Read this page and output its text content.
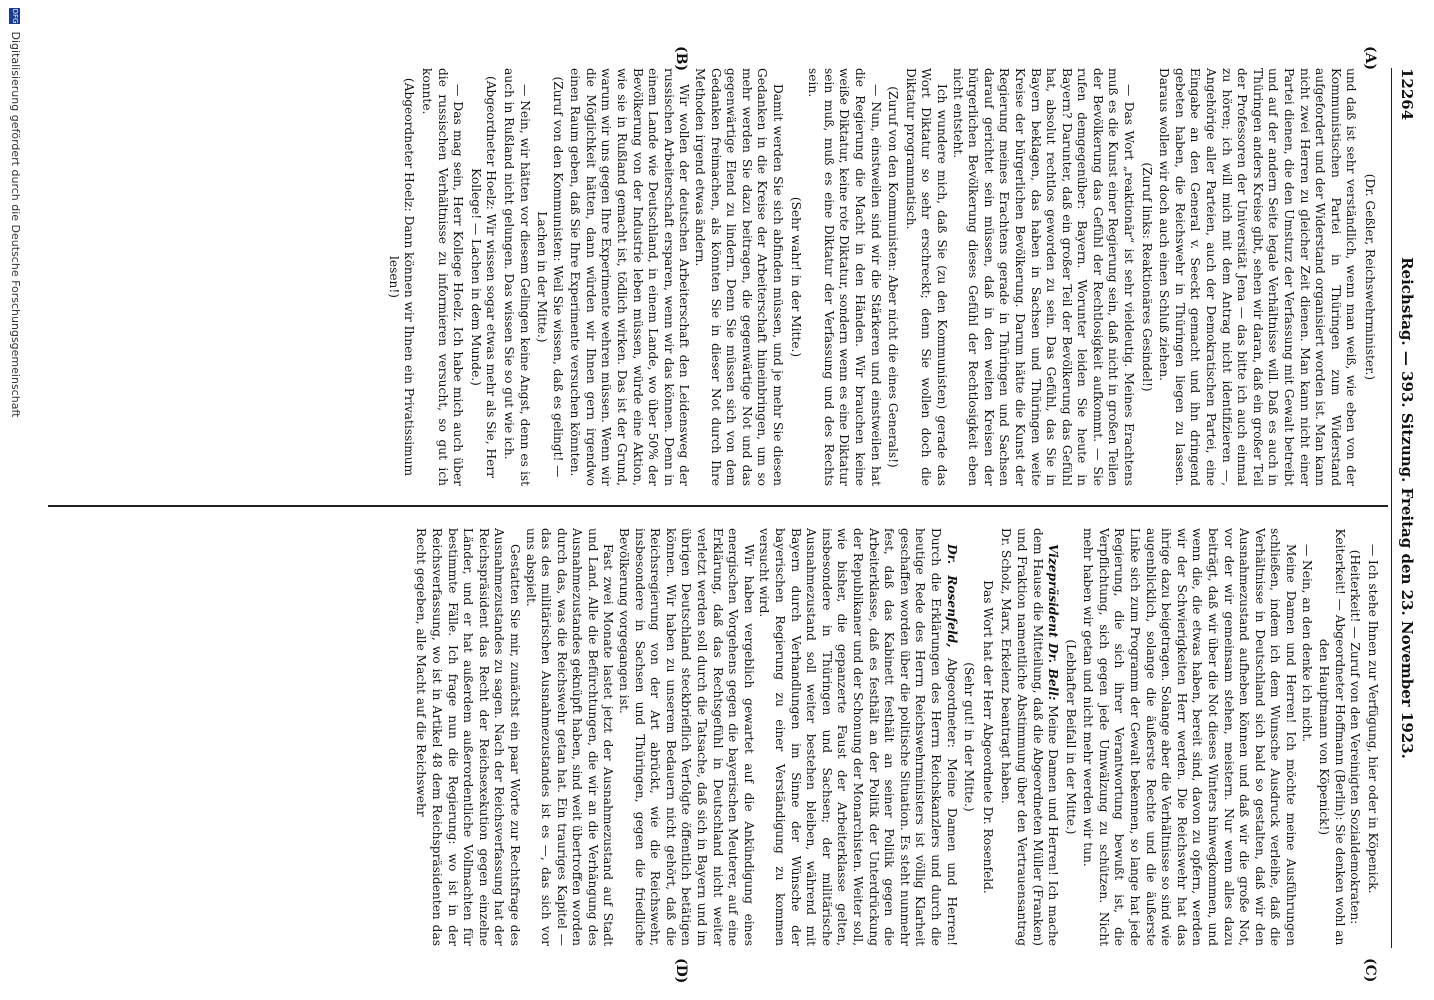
12264
Reichstag. — 393. Sitzung. Freitag den 23. November 1923.
(A)
(B)
(C)
(D)

(Dr. Geßler, Reichswehrminister.)

und daß ist sehr verständlich, wenn man weiß, wie eben von der Kommunistischen Partei in Thüringen zum Widerstand aufgefordert und der Widerstand organisiert worden ist. Man kann nicht zwei Herren zu gleicher Zeit dienen. Man kann nicht einer Partei dienen, die den Umsturz der Verfassung mit Gewalt betreibt und auf der andern Seite legale Verhältnisse will. Daß es auch in Thüringen anders Kreise gibt, sehen wir daran, daß ein großer Teil der Professoren der Universität Jena — das bitte ich auch einmal zu hören; ich will mich mit dem Antrag nicht identifizieren —, Angehörige aller Parteien, auch der Demokratischen Partei, eine Eingabe an den General v. Seeckt gemacht und ihn dringend gebeten haben, die Reichswehr in Thüringen liegen zu lassen. Daraus wollen wir doch auch einen Schluß ziehen.

(Zuruf links: Reaktionäres Gesindel!)

— Das Wort „reaktionär“ ist sehr vieldeutig. Meines Erachtens muß es die Kunst einer Regierung sein, daß nicht in großen Teilen der Bevölkerung das Gefühl der Rechtlosigkeit aufkommt. — Sie rufen demgegenüber: Bayern. Worunter leiden Sie heute in Bayern? Darunter, daß ein großer Teil der Bevölkerung das Gefühl hat, absolut rechtlos geworden zu sein. Das Gefühl, das Sie in Bayern beklagen, das haben in Sachsen und Thüringen weite Kreise der bürgerlichen Bevölkerung. Darum hätte die Kunst der Regierung meines Erachtens gerade in Thüringen und Sachsen darauf gerichtet sein müssen, daß in den weiten Kreisen der bürgerlichen Bevölkerung dieses Gefühl der Rechtlosigkeit eben nicht entsteht.

Ich wundere mich, daß Sie (zu den Kommunisten) gerade das Wort Diktatur so sehr erschreckt; denn Sie wollen doch die Diktatur programmatisch.

(Zuruf von den Kommunisten: Aber nicht die eines Generals!)

— Nun, einstweilen sind wir die Stärkeren und einstweilen hat die Regierung die Macht in den Händen. Wir brauchen keine weiße Diktatur, keine rote Diktatur, sondern wenn es eine Diktatur sein muß, muß es eine Diktatur der Verfassung und des Rechts sein.

(Sehr wahr! in der Mitte.)

Damit werden Sie sich abfinden müssen, und je mehr Sie diesen Gedanken in die Kreise der Arbeiterschaft hineinbringen, um so mehr werden Sie dazu beitragen, die gegenwärtige Not und das gegenwärtige Elend zu lindern. Denn Sie müssen sich von dem Gedanken freimachen, als könnten Sie in dieser Not durch Ihre Methoden irgend etwas ändern.

Wir wollen der deutschen Arbeiterschaft den Leidensweg der russischen Arbeiterschaft ersparen, wenn wir das können. Denn in einem Lande wie Deutschland, in einem Lande, wo über 50% der Bevölkerung von der Industrie leben müssen, würde eine Aktion, wie sie in Rußland gemacht ist, tödlich wirken. Das ist der Grund, warum wir uns gegen Ihre Experimente wehren müssen. Wenn wir die Möglichkeit hätten, dann würden wir Ihnen gern irgendwo einen Raum geben, daß Sie Ihre Experimente versuchen könnten.

(Zuruf von den Kommunisten: Weil Sie wissen, daß es gelingt! — Lachen in der Mitte.)

— Nein, wir hätten vor diesem Gelingen keine Angst, denn es ist auch in Rußland nicht gelungen. Das wissen Sie so gut wie ich.

(Abgeordneter Hoelz: Wir wissen sogar etwas mehr als Sie, Herr Kollege! — Lachen in dem Munde.)

— Das mag sein, Herr Kollege Hoelz. Ich habe mich auch über die russischen Verhältnisse zu informieren versucht, so gut ich konnte.

(Abgeordneter Hoelz: Dann können wir Ihnen ein Privatissimum lesen!)

— Ich stehe Ihnen zur Verfügung, hier oder in Köpenick.

(Heiterkeit! — Zuruf von den Vereinigten Sozialdemokraten: Keiterkeit! — Abgeordneter Hoffmann (Berlin): Sie denken wohl an den Hauptmann von Köpenick!)

— Nein, an den denke ich nicht.

Meine Damen und Herren! Ich möchte meine Ausführungen schließen, indem ich dem Wunsche Ausdruck verleihe, daß die Verhältnisse in Deutschland sich bald so gestalten, daß wir den Ausnahmezustand aufheben können und daß wir die große Not, vor der wir gemeinsam stehen, meistern. Nur wenn alles dazu beiträgt, daß wir über die Not dieses Winters hinwegkommen, und wenn die, die etwas haben, bereit sind, davon zu opfern, werden wir der Schwierigkeiten Herr werden. Die Reichswehr hat das ihrige dazu beigetragen. Solange aber die Verhältnisse so sind wie augenblicklich, solange die äußerste Rechte und die äußerste Linke sich zum Programm der Gewalt bekennen, so lange hat jede Regierung, die sich ihrer Verantwortung bewußt ist, die Verpflichtung, sich gegen jede Umwälzung zu schützen. Nicht mehr haben wir getan und nicht mehr werden wir tun.

(Lebhafter Beifall in der Mitte.)

Vizepräsident Dr. Bell: Meine Damen und Herren! Ich mache dem Hause die Mitteilung, daß die Abgeordneten Müller (Franken) und Fraktion namentliche Abstimmung über den Vertrauensantrag Dr. Scholz, Marx, Erkelenz beantragt haben.

Das Wort hat der Herr Abgeordnete Dr. Rosenfeld.

(Sehr gut! in der Mitte.)

Dr. Rosenfeld, Abgeordneter: Meine Damen und Herren! Durch die Erklärungen des Herrn Reichskanzlers und durch die heutige Rede des Herrn Reichswehrministers ist völlig Klarheit geschaffen worden über die politische Situation. Es steht nunmehr fest, daß das Kabinett festhält an seiner Politik gegen die Arbeiterklasse, daß es festhält an der Politik der Unterdrückung der Republikaner und der Schonung der Monarchisten. Weiter soll, wie bisher, die gepanzerte Faust der Arbeiterklasse gelten, insbesondere in Thüringen und Sachsen; der militärische Ausnahmezustand soll weiter bestehen bleiben, während mit Bayern durch Verhandlungen im Sinne der Wünsche der bayerischen Regierung zu einer Verständigung zu kommen versucht wird.

Wir haben vergeblich gewartet auf die Ankündigung eines energischen Vorgehens gegen die bayerischen Meuterer, auf eine Erklärung, daß das Rechtsgefühl in Deutschland nicht weiter verletzt werden soll durch die Tatsache, daß sich in Bayern und im übrigen Deutschland steckbrieflich Verfolgte öffentlich betätigen können. Wir haben zu unserem Bedauern nicht gehört, daß die Reichsregierung von der Art abrückt, wie die Reichswehr, insbesondere in Sachsen und Thüringen, gegen die friedliche Bevölkerung vorgegangen ist.

Fast zwei Monate lastet jetzt der Ausnahmezustand auf Stadt und Land. Alle die Befürchtungen, die wir an die Verhängung des Ausnahmezustandes geknüpft haben, sind weit übertroffen worden durch das, was die Reichswehr getan hat. Ein trauriges Kapitel — das des militärischen Ausnahmezustandes ist es —, das sich vor uns abspielt.

Gestatten Sie mir, zunächst ein paar Worte zur Rechtsfrage des Ausnahmezustandes zu sagen. Nach der Reichsverfassung hat der Reichspräsident das Recht der Reichsexekution gegen einzelne Länder, und er hat außerdem außerordentliche Vollmachten für bestimmte Fälle. Ich frage nun die Regierung: wo ist in der Reichsverfassung, wo ist in Artikel 48 dem Reichspräsidenten das Recht gegeben, alle Macht auf die Reichswehr

DFG Digitalisierung gefördert durch die Deutsche Forschungsgemeinschaft
